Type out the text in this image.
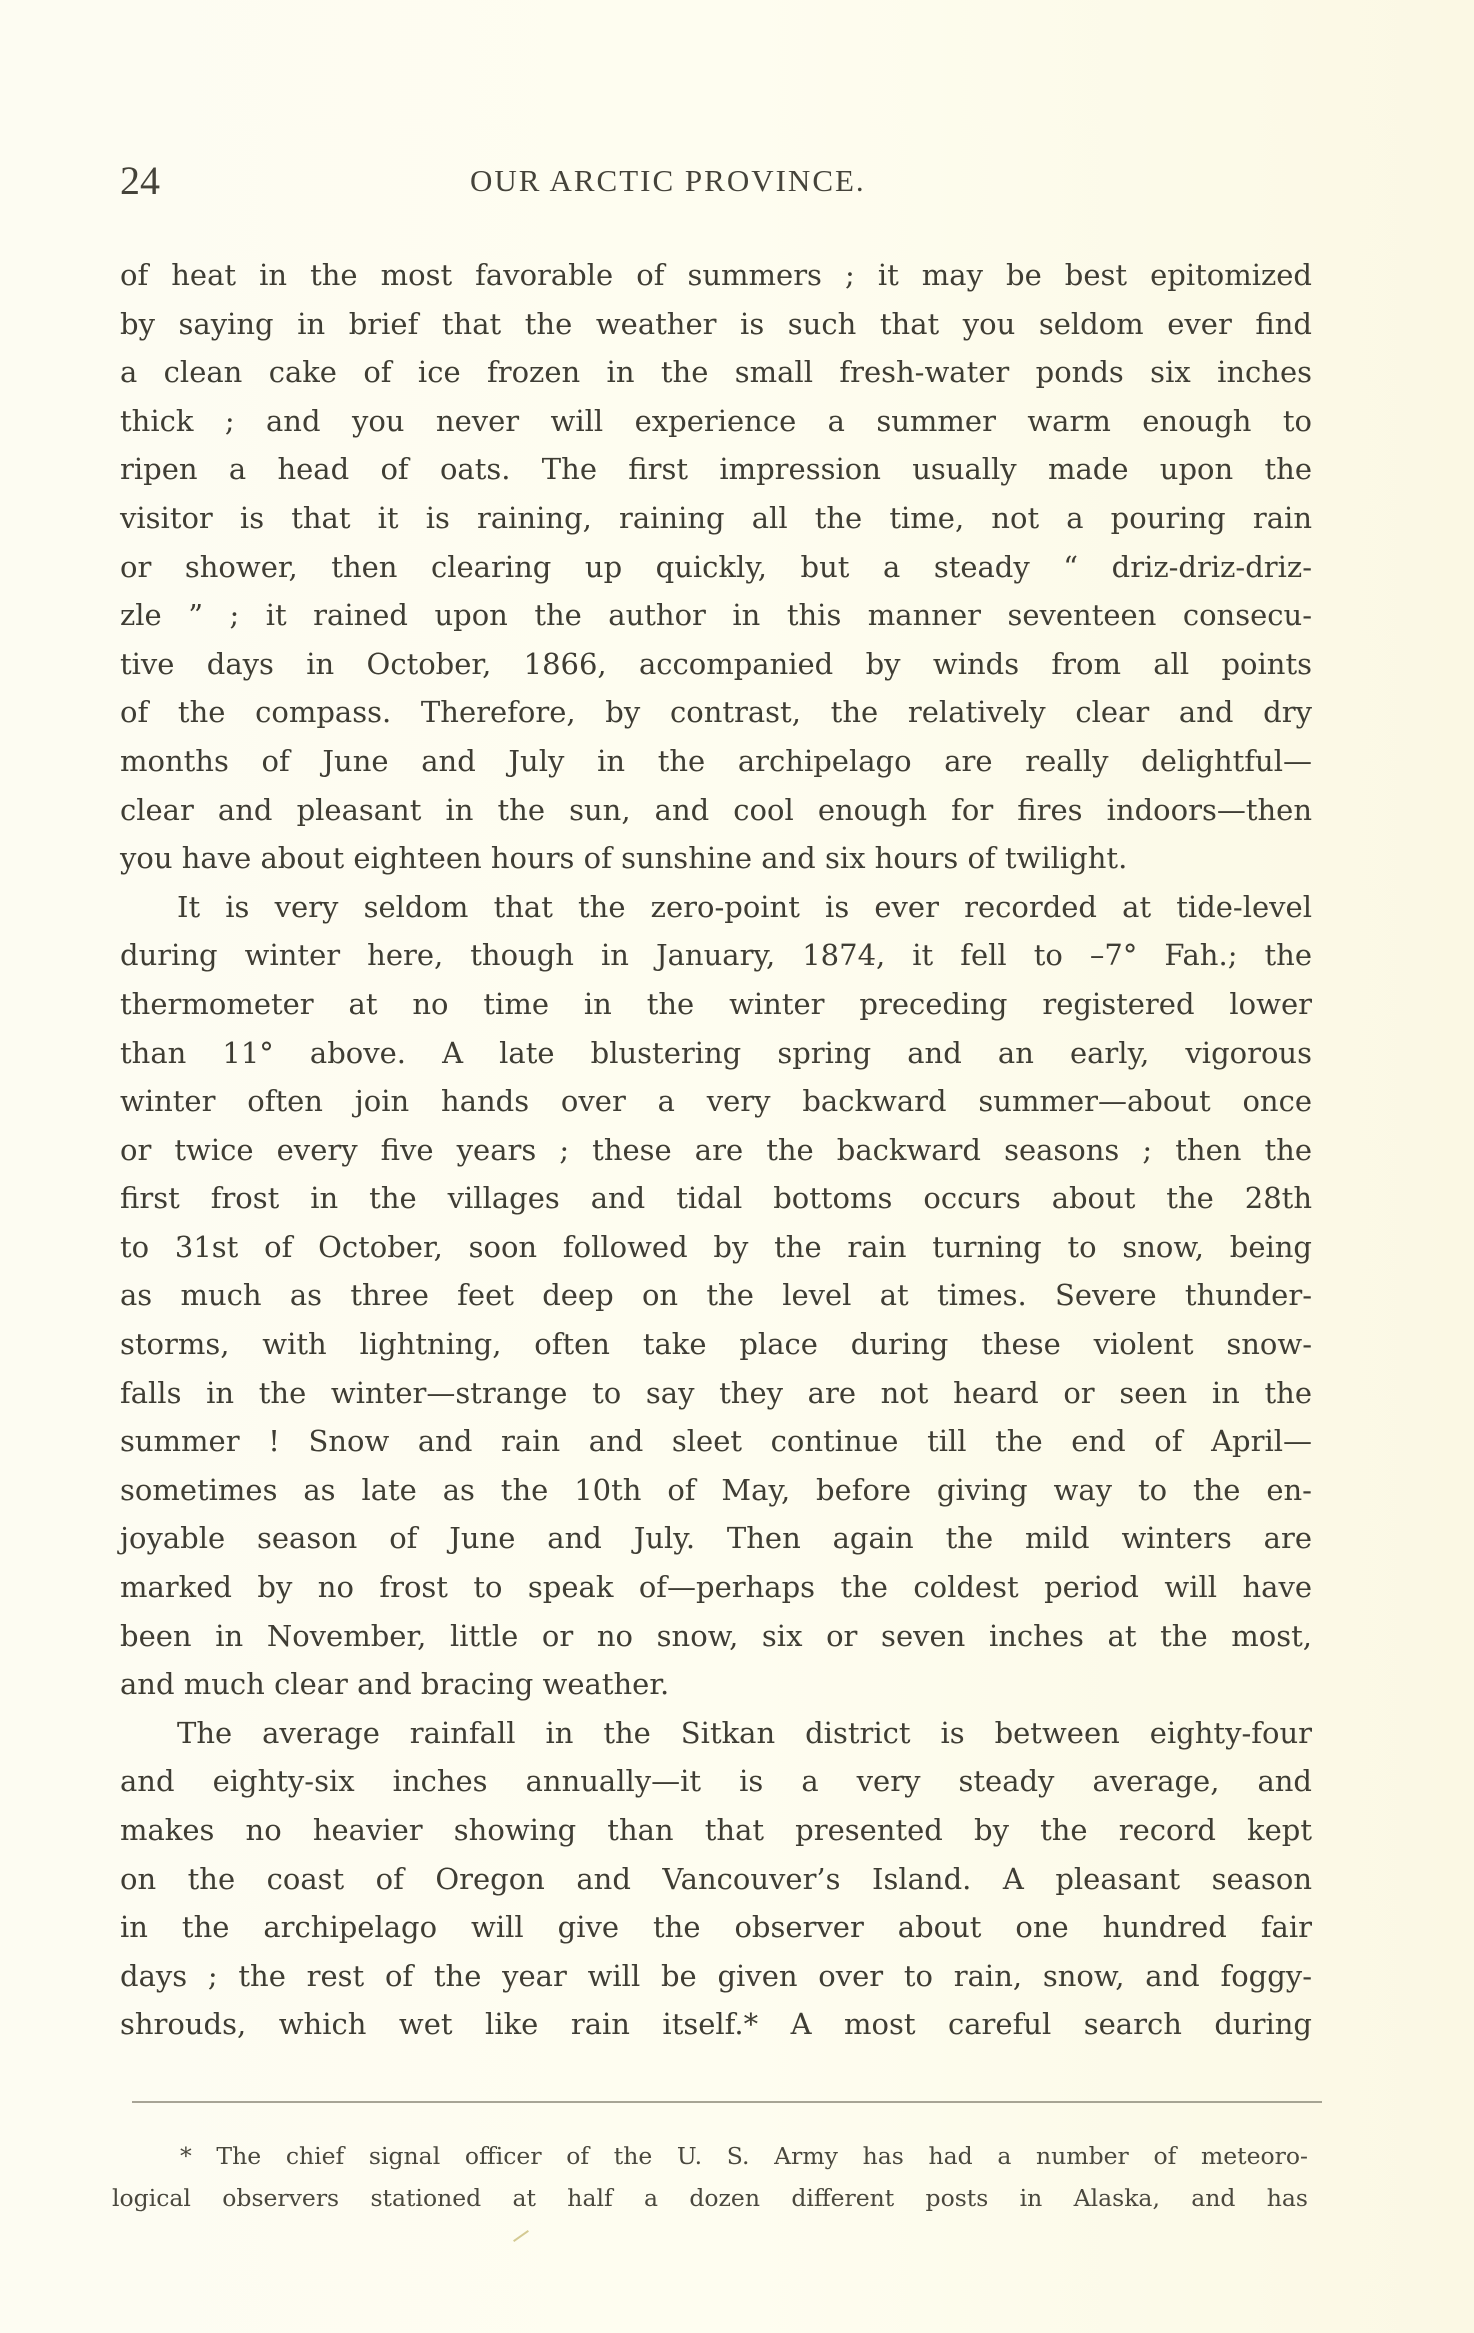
24	OUR ARCTIC PROVINCE.
of heat in the most favorable of summers ; it may be best epitomized
by saying in brief that the weather is such that you seldom ever find
a clean cake of ice frozen in the small fresh-water ponds six inches
thick ; and you never will experience a summer warm enough to
ripen a head of oats. The first impression usually made upon the
visitor is that it is raining, raining all the time, not a pouring rain
or shower, then clearing up quickly, but a steady “ driz-driz-driz-
zle ” ; it rained upon the author in this manner seventeen consecu-
tive days in October, 1866, accompanied by winds from all points
of the compass. Therefore, by contrast, the relatively clear and dry
months of June and July in the archipelago are really delightful—
clear and pleasant in the sun, and cool enough for fires indoors—then
you have about eighteen hours of sunshine and six hours of twilight.
It is very seldom that the zero-point is ever recorded at tide-level
during winter here, though in January, 1874, it fell to –7° Fah.; the
thermometer at no time in the winter preceding registered lower
than 11° above. A late blustering spring and an early, vigorous
winter often join hands over a very backward summer—about once
or twice every five years ; these are the backward seasons ; then the
first frost in the villages and tidal bottoms occurs about the 28th
to 31st of October, soon followed by the rain turning to snow, being
as much as three feet deep on the level at times. Severe thunder-
storms, with lightning, often take place during these violent snow-
falls in the winter—strange to say they are not heard or seen in the
summer ! Snow and rain and sleet continue till the end of April—
sometimes as late as the 10th of May, before giving way to the en-
joyable season of June and July. Then again the mild winters are
marked by no frost to speak of—perhaps the coldest period will have
been in November, little or no snow, six or seven inches at the most,
and much clear and bracing weather.
The average rainfall in the Sitkan district is between eighty-four
and eighty-six inches annually—it is a very steady average, and
makes no heavier showing than that presented by the record kept
on the coast of Oregon and Vancouver’s Island. A pleasant season
in the archipelago will give the observer about one hundred fair
days ; the rest of the year will be given over to rain, snow, and foggy-
shrouds, which wet like rain itself.* A most careful search during
* The chief signal officer of the U. S. Army has had a number of meteoro-
logical observers stationed at half a dozen different posts in Alaska, and has
